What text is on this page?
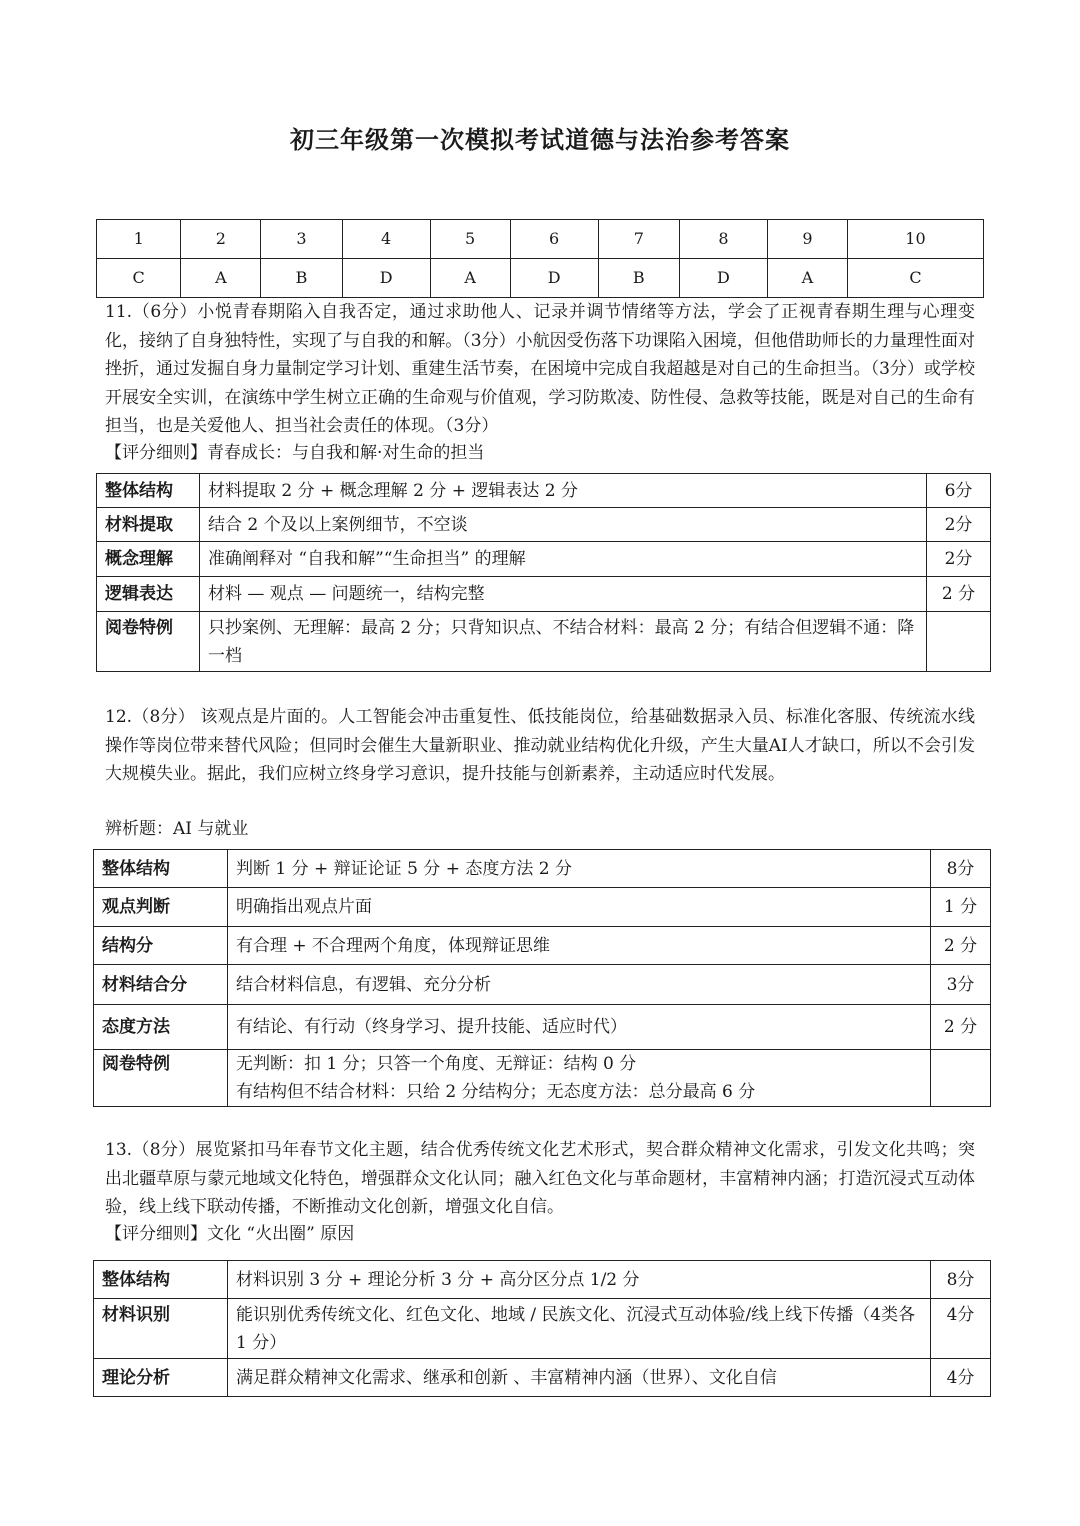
初三年级第一次模拟考试道德与法治参考答案
1	2	3	4	5	6	7	8	9	10
C	A	B	D	A	D	B	D	A	C
11.（6分）小悦青春期陷入自我否定，通过求助他人、记录并调节情绪等方法，学会了正视青春期生理与心理变化，接纳了自身独特性，实现了与自我的和解。（3分）小航因受伤落下功课陷入困境，但他借助师长的力量理性面对挫折，通过发掘自身力量制定学习计划、重建生活节奏，在困境中完成自我超越是对自己的生命担当。（3分）或学校开展安全实训，在演练中学生树立正确的生命观与价值观，学习防欺凌、防性侵、急救等技能，既是对自己的生命有担当，也是关爱他人、担当社会责任的体现。（3分）
【评分细则】青春成长：与自我和解·对生命的担当
整体结构	材料提取 2 分 + 概念理解 2 分 + 逻辑表达 2 分	6分
材料提取	结合 2 个及以上案例细节，不空谈	2分
概念理解	准确阐释对 “自我和解”“生命担当” 的理解	2分
逻辑表达	材料 — 观点 — 问题统一，结构完整	2 分
阅卷特例	只抄案例、无理解：最高 2 分；只背知识点、不结合材料：最高 2 分；有结合但逻辑不通：降一档	
12.（8分） 该观点是片面的。人工智能会冲击重复性、低技能岗位，给基础数据录入员、标准化客服、传统流水线操作等岗位带来替代风险；但同时会催生大量新职业、推动就业结构优化升级，产生大量AI人才缺口，所以不会引发大规模失业。据此，我们应树立终身学习意识，提升技能与创新素养，主动适应时代发展。
辨析题：AI 与就业
整体结构	判断 1 分 + 辩证论证 5 分 + 态度方法 2 分	8分
观点判断	明确指出观点片面	1 分
结构分	有合理 + 不合理两个角度，体现辩证思维	2 分
材料结合分	结合材料信息，有逻辑、充分分析	3分
态度方法	有结论、有行动（终身学习、提升技能、适应时代）	2 分
阅卷特例	无判断：扣 1 分；只答一个角度、无辩证：结构 0 分
有结构但不结合材料：只给 2 分结构分；无态度方法：总分最高 6 分	

13.（8分）展览紧扣马年春节文化主题，结合优秀传统文化艺术形式，契合群众精神文化需求，引发文化共鸣；突出北疆草原与蒙元地域文化特色，增强群众文化认同；融入红色文化与革命题材，丰富精神内涵；打造沉浸式互动体验，线上线下联动传播，不断推动文化创新，增强文化自信。
【评分细则】文化 “火出圈” 原因
整体结构	材料识别 3 分 + 理论分析 3 分 + 高分区分点 1/2 分	8分
材料识别	能识别优秀传统文化、红色文化、地域 / 民族文化、沉浸式互动体验/线上线下传播（4类各 1 分）	4分
理论分析	满足群众精神文化需求、继承和创新 、丰富精神内涵（世界）、文化自信	4分
